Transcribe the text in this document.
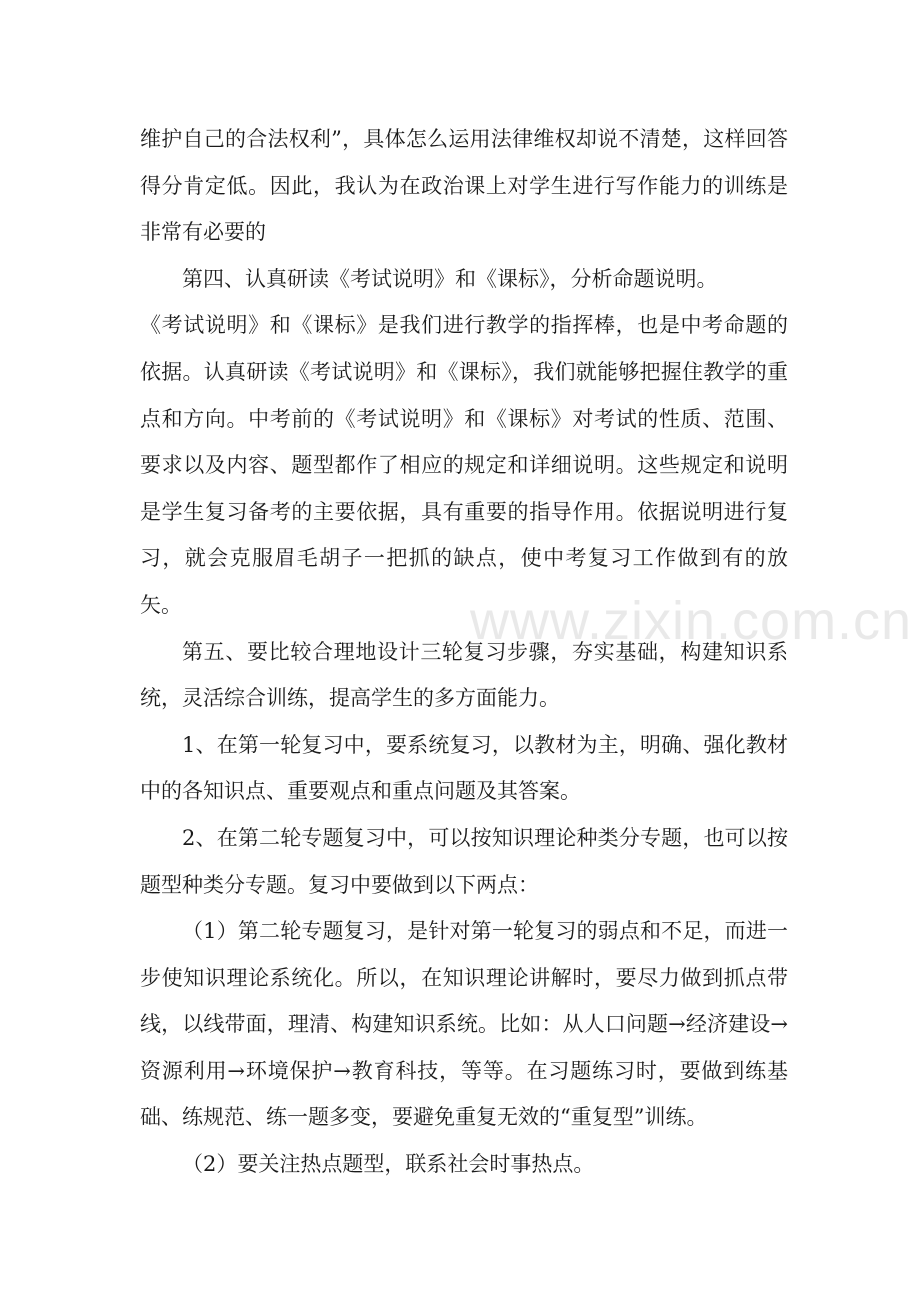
维护自己的合法权利”，具体怎么运用法律维权却说不清楚，这样回答得分肯定低。因此，我认为在政治课上对学生进行写作能力的训练是非常有必要的

第四、认真研读《考试说明》和《课标》，分析命题说明。

《考试说明》和《课标》是我们进行教学的指挥棒，也是中考命题的依据。认真研读《考试说明》和《课标》，我们就能够把握住教学的重点和方向。中考前的《考试说明》和《课标》对考试的性质、范围、要求以及内容、题型都作了相应的规定和详细说明。这些规定和说明是学生复习备考的主要依据，具有重要的指导作用。依据说明进行复习，就会克服眉毛胡子一把抓的缺点，使中考复习工作做到有的放矢。

第五、要比较合理地设计三轮复习步骤，夯实基础，构建知识系统，灵活综合训练，提高学生的多方面能力。

1、在第一轮复习中，要系统复习，以教材为主，明确、强化教材中的各知识点、重要观点和重点问题及其答案。

2、在第二轮专题复习中，可以按知识理论种类分专题，也可以按题型种类分专题。复习中要做到以下两点：

（1）第二轮专题复习，是针对第一轮复习的弱点和不足，而进一步使知识理论系统化。所以，在知识理论讲解时，要尽力做到抓点带线，以线带面，理清、构建知识系统。比如：从人口问题→经济建设→资源利用→环境保护→教育科技，等等。在习题练习时，要做到练基础、练规范、练一题多变，要避免重复无效的“重复型”训练。

（2）要关注热点题型，联系社会时事热点。

www.zixin.com.cn
